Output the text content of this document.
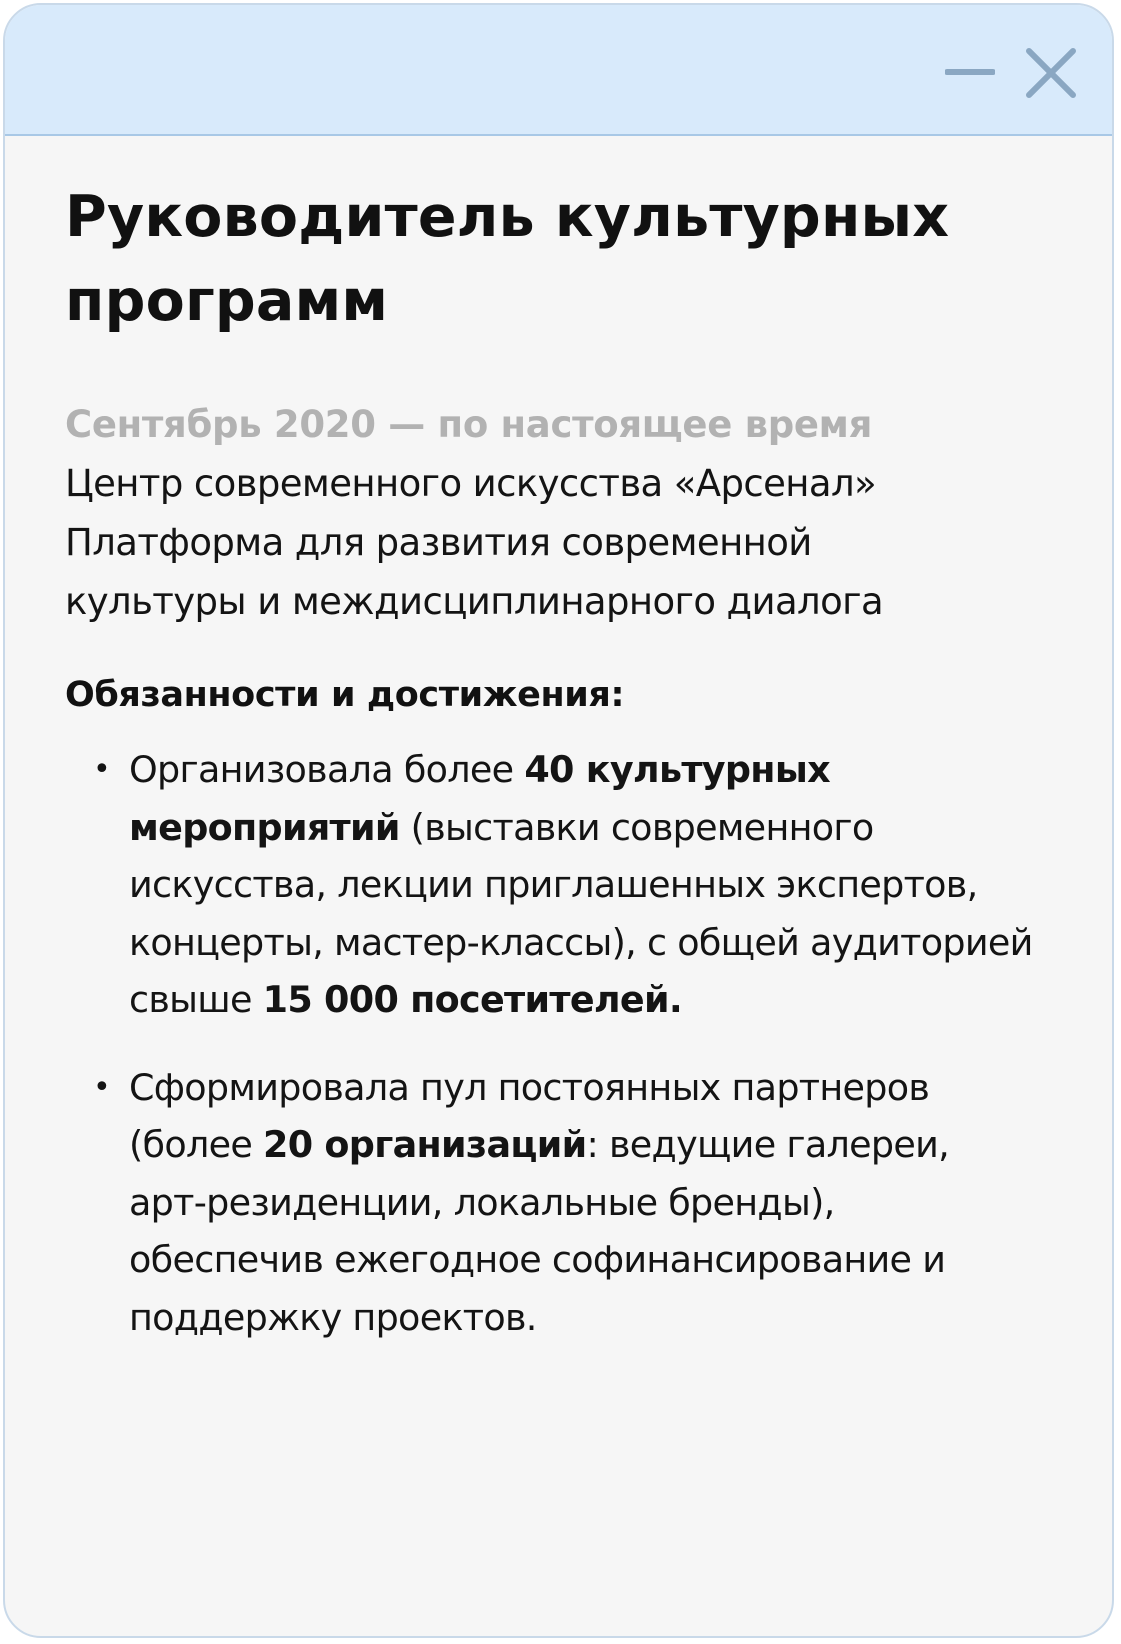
Руководитель культурных
программ
Сентябрь 2020 — по настоящее время
Центр современного искусства «Арсенал»
Платформа для развития современной культуры и междисциплинарного диалога
Обязанности и достижения:
• Организовала более 40 культурных мероприятий (выставки современного искусства, лекции приглашенных экспертов, концерты, мастер-классы), с общей аудиторией свыше 15 000 посетителей.
• Сформировала пул постоянных партнеров (более 20 организаций: ведущие галереи, арт-резиденции, локальные бренды), обеспечив ежегодное софинансирование и поддержку проектов.
